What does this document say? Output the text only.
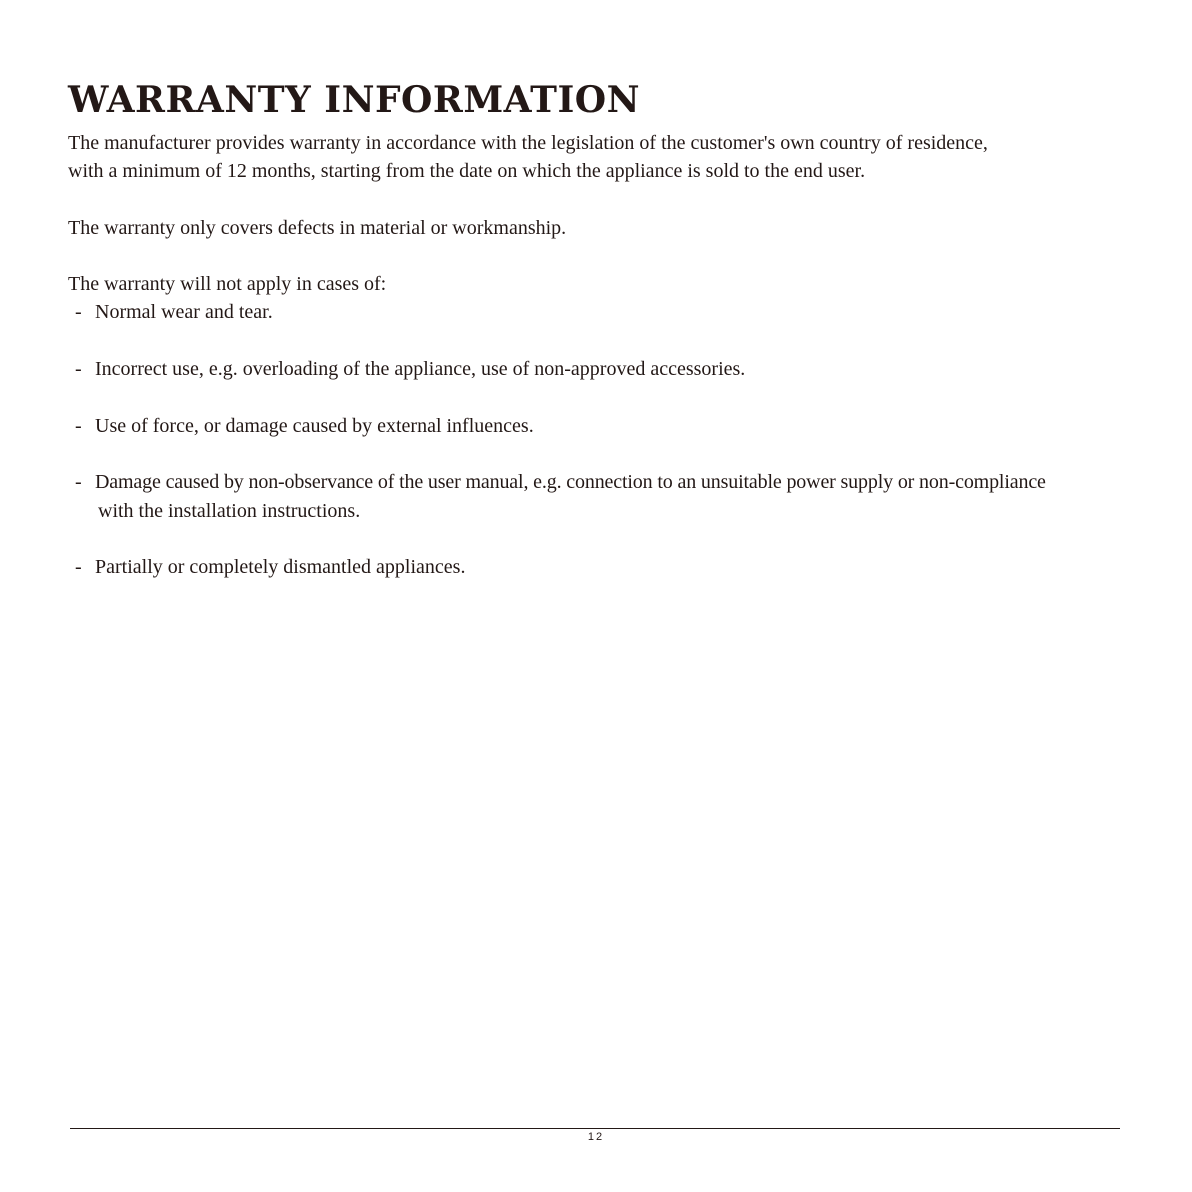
WARRANTY INFORMATION

The manufacturer provides warranty in accordance with the legislation of the customer's own country of residence,

with a minimum of 12 months, starting from the date on which the appliance is sold to the end user.

The warranty only covers defects in material or workmanship.

The warranty will not apply in cases of:

- Normal wear and tear.
- Incorrect use, e.g. overloading of the appliance, use of non-approved accessories.
- Use of force, or damage caused by external influences.
- Damage caused by non-observance of the user manual, e.g. connection to an unsuitable power supply or non-compliance
with the installation instructions.
- Partially or completely dismantled appliances.
12
